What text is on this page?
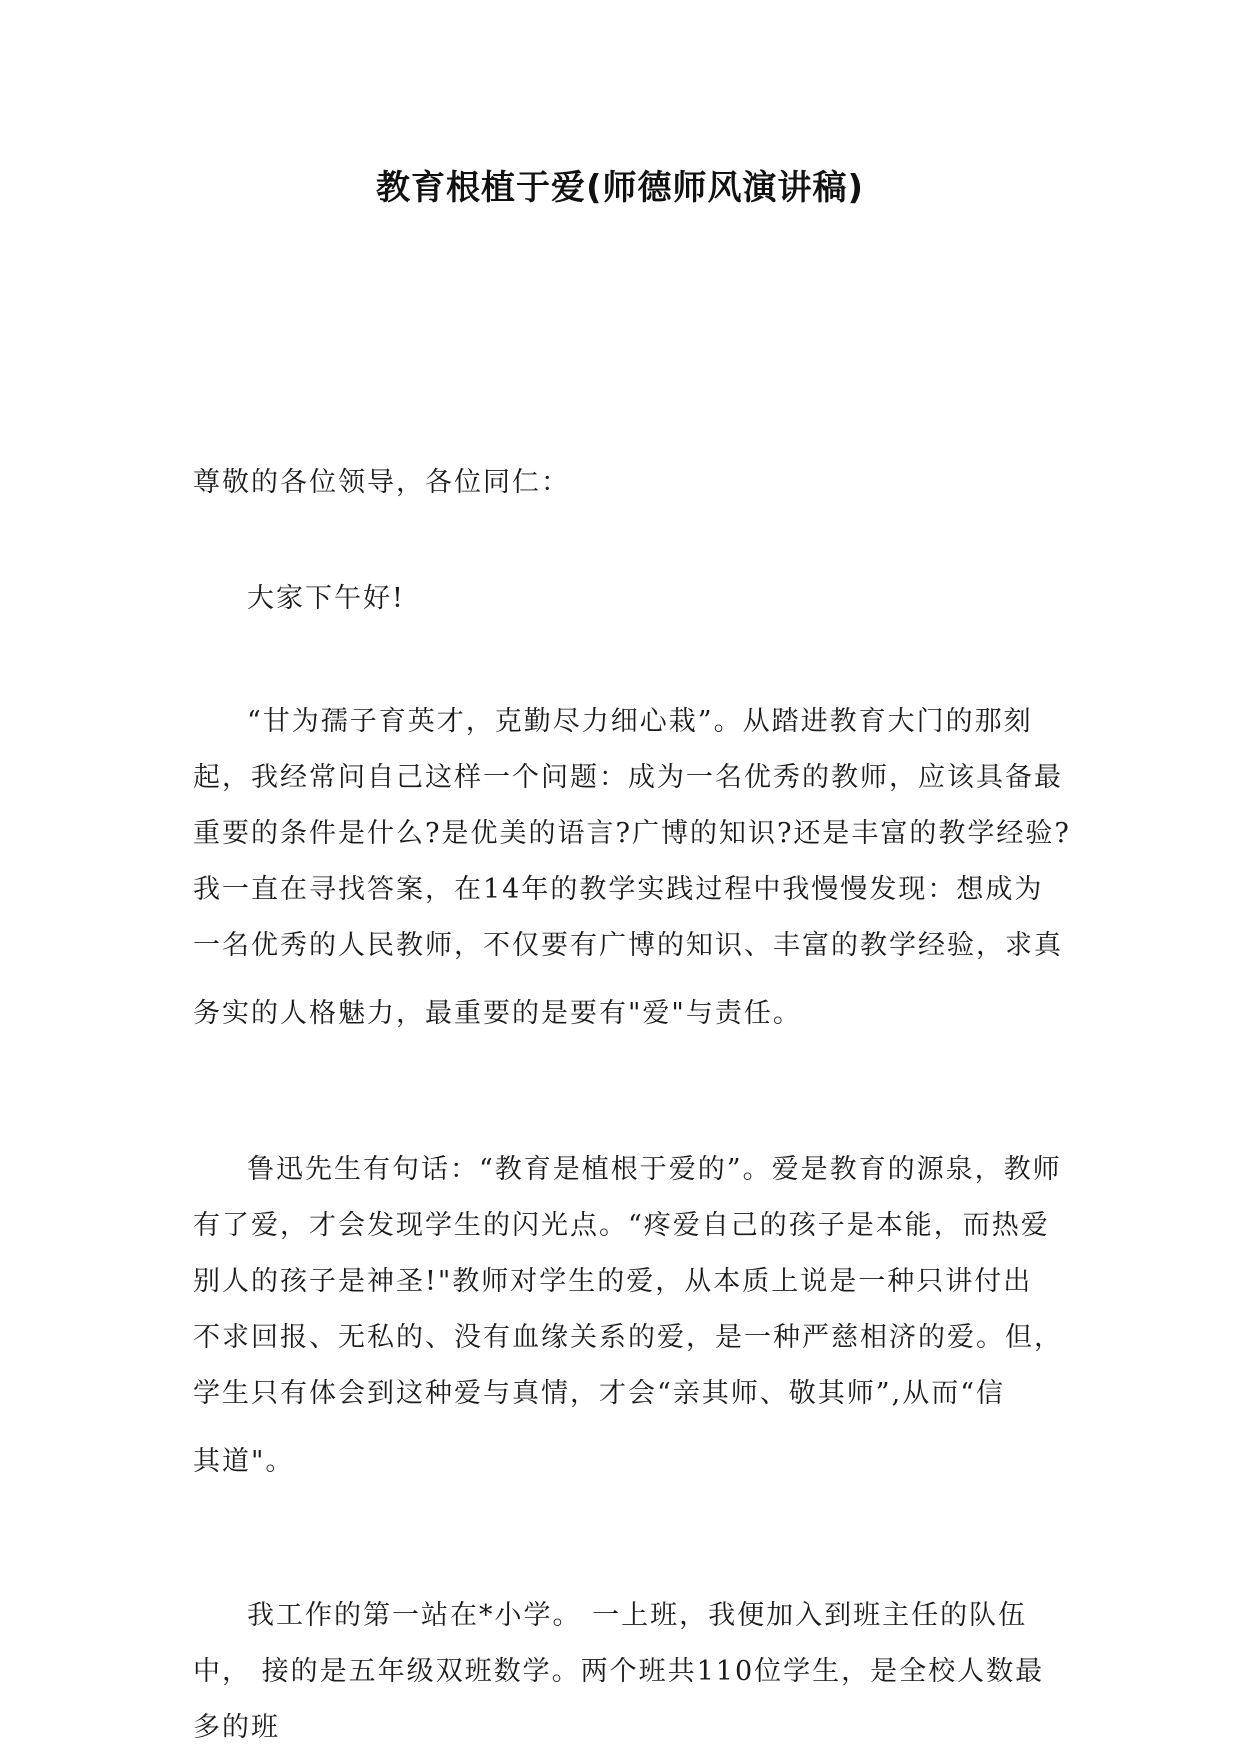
教育根植于爱(师德师风演讲稿)
尊敬的各位领导，各位同仁：
大家下午好!
“甘为孺子育英才，克勤尽力细心栽”。从踏进教育大门的那刻
起，我经常问自己这样一个问题：成为一名优秀的教师，应该具备最
重要的条件是什么?是优美的语言?广博的知识?还是丰富的教学经验?
我一直在寻找答案，在14年的教学实践过程中我慢慢发现：想成为
一名优秀的人民教师，不仅要有广博的知识、丰富的教学经验，求真
务实的人格魅力，最重要的是要有"爱"与责任。
鲁迅先生有句话：“教育是植根于爱的”。爱是教育的源泉，教师
有了爱，才会发现学生的闪光点。“疼爱自己的孩子是本能，而热爱
别人的孩子是神圣!"教师对学生的爱，从本质上说是一种只讲付出
不求回报、无私的、没有血缘关系的爱，是一种严慈相济的爱。但，
学生只有体会到这种爱与真情，才会“亲其师、敬其师”,从而“信
其道"。
我工作的第一站在*小学。 一上班，我便加入到班主任的队伍
中， 接的是五年级双班数学。两个班共110位学生，是全校人数最
多的班
